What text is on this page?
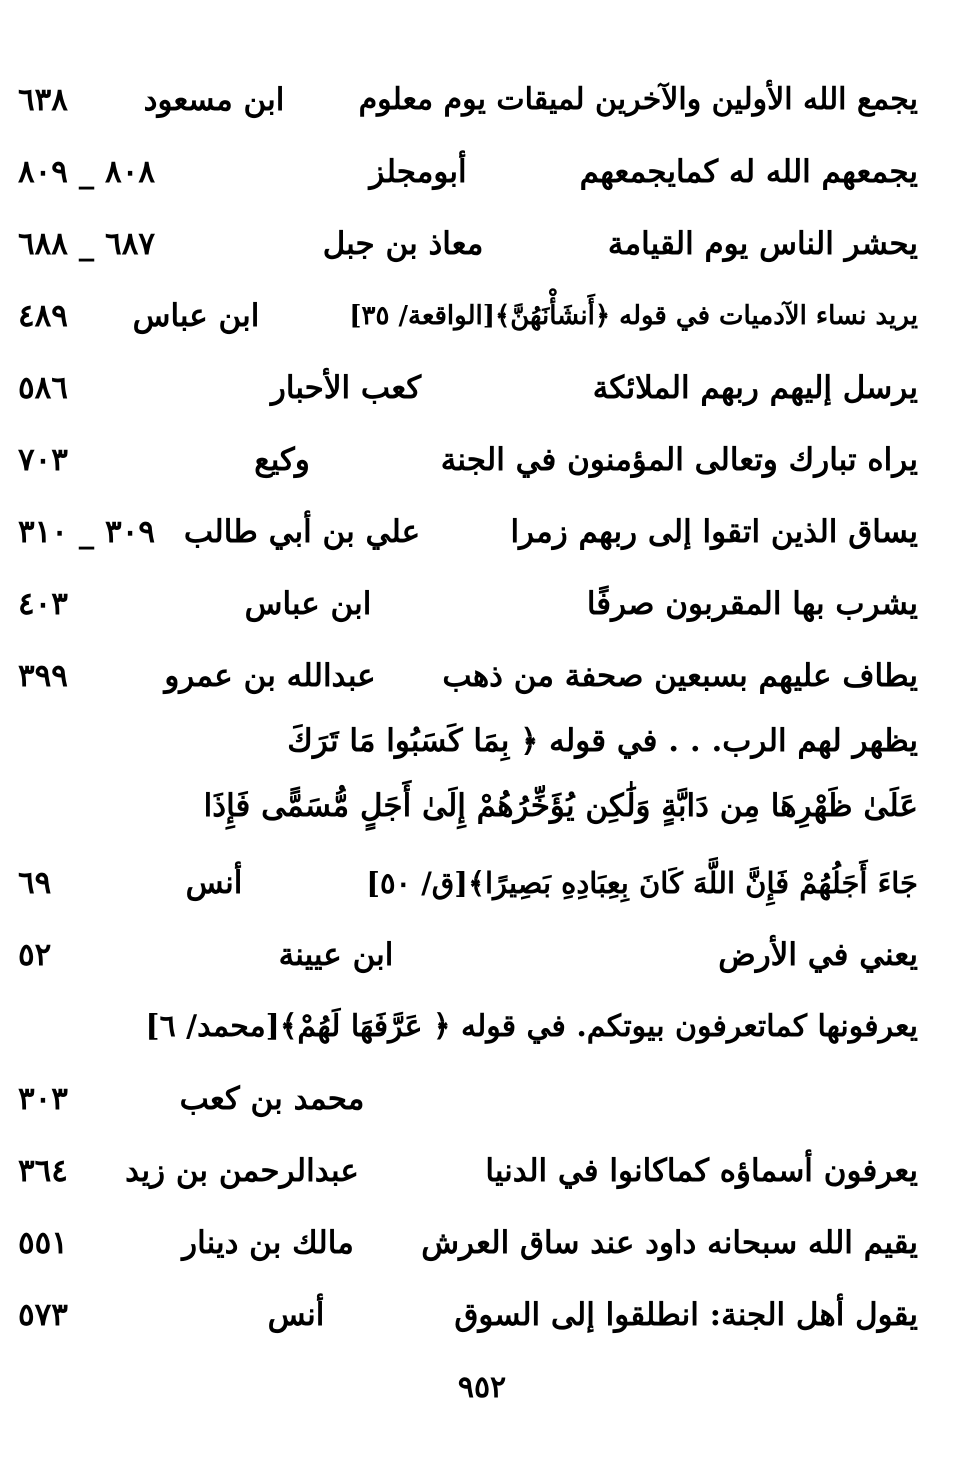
يجمع الله الأولين والآخرين لميقات يوم معلوم
ابن مسعود
٦٣٨
يجمعهم الله له كمايجمعهم
أبومجلز
٨٠٨ _ ٨٠٩
يحشر الناس يوم القيامة
معاذ بن جبل
٦٨٧ _ ٦٨٨
يريد نساء الآدميات في قوله ﴿أَنشَأْنَهُنَّ﴾[الواقعة/ ٣٥]
ابن عباس
٤٨٩
يرسل إليهم ربهم الملائكة
كعب الأحبار
٥٨٦
يراه تبارك وتعالى المؤمنون في الجنة
وكيع
٧٠٣
يساق الذين اتقوا إلى ربهم زمرا
علي بن أبي طالب
٣٠٩ _ ٣١٠
يشرب بها المقربون صرفًا
ابن عباس
٤٠٣
يطاف عليهم بسبعين صحفة من ذهب
عبدالله بن عمرو
٣٩٩
يظهر لهم الرب. . . في قوله ﴿ بِمَا كَسَبُوا مَا تَرَكَ
عَلَىٰ ظَهْرِهَا مِن دَابَّةٍ وَلَٰكِن يُؤَخِّرُهُمْ إِلَىٰ أَجَلٍ مُّسَمًّى فَإِذَا
جَاءَ أَجَلُهُمْ فَإِنَّ اللَّهَ كَانَ بِعِبَادِهِ بَصِيرًا﴾[ق/ ٥٠]
أنس
٦٩
يعني في الأرض
ابن عيينة
٥٢
يعرفونها كماتعرفون بيوتكم. في قوله ﴿ عَرَّفَهَا لَهُمْ﴾[محمد/ ٦]
محمد بن كعب
٣٠٣
يعرفون أسماؤه كماكانوا في الدنيا
عبدالرحمن بن زيد
٣٦٤
يقيم الله سبحانه داود عند ساق العرش
مالك بن دينار
٥٥١
يقول أهل الجنة: انطلقوا إلى السوق
أنس
٥٧٣
٩٥٢
